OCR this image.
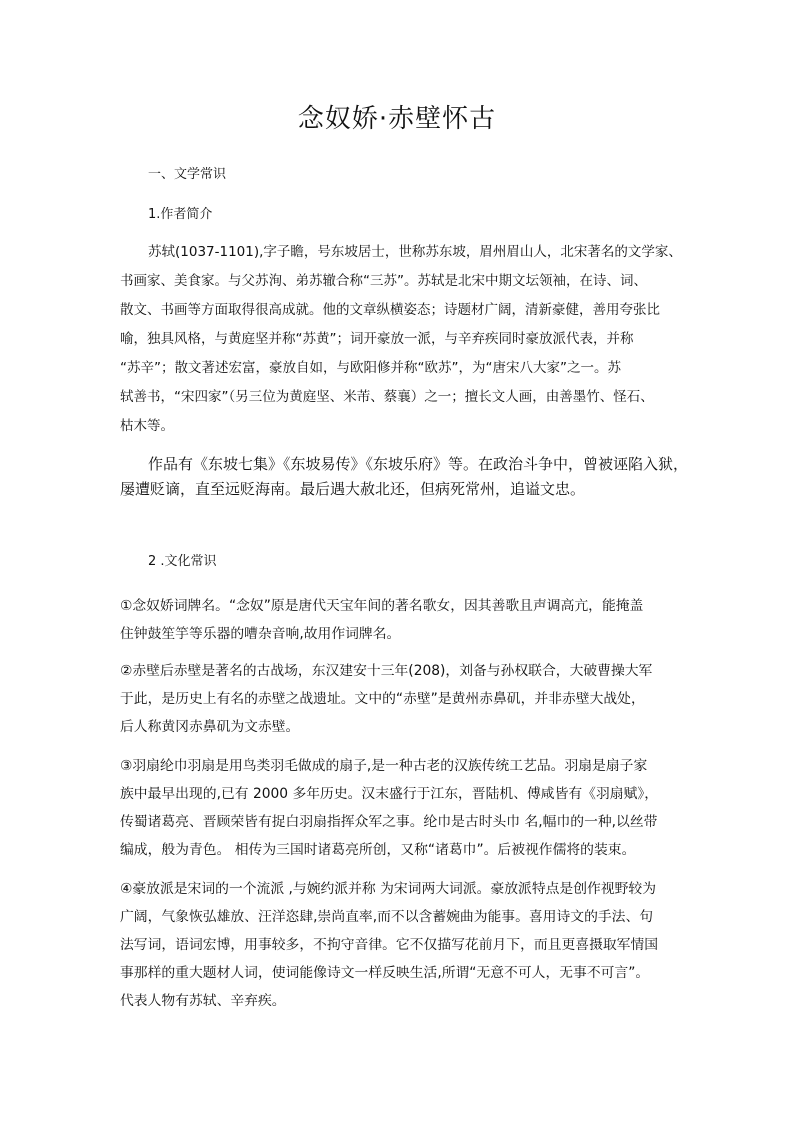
念奴娇·赤壁怀古
一、文学常识
1.作者简介
苏轼(1037-1101),字子瞻，号东坡居士，世称苏东坡，眉州眉山人，北宋著名的文学家、
书画家、美食家。与父苏洵、弟苏辙合称“三苏”。苏轼是北宋中期文坛领袖，在诗、词、
散文、书画等方面取得很高成就。他的文章纵横姿态；诗题材广阔，清新豪健，善用夸张比
喻，独具风格，与黄庭坚并称“苏黄”；词开豪放一派，与辛弃疾同时豪放派代表，并称
“苏辛”；散文著述宏富，豪放自如，与欧阳修并称“欧苏”，为“唐宋八大家”之一。苏
轼善书，“宋四家”（另三位为黄庭坚、米芾、蔡襄）之一；擅长文人画，由善墨竹、怪石、
枯木等。
作品有《东坡七集》《东坡易传》《东坡乐府》等。在政治斗争中，曾被诬陷入狱，
屡遭贬谪，直至远贬海南。最后遇大赦北还，但病死常州，追谥文忠。
2 .文化常识
①念奴娇词牌名。“念奴”原是唐代天宝年间的著名歌女，因其善歌且声调高亢，能掩盖
住钟鼓笙竽等乐器的嘈杂音响,故用作词牌名。
②赤壁后赤壁是著名的古战场，东汉建安十三年(208)，刘备与孙权联合，大破曹操大军
于此，是历史上有名的赤壁之战遗址。文中的“赤壁”是黄州赤鼻矶，并非赤壁大战处，
后人称黄冈赤鼻矶为文赤壁。
③羽扇纶巾羽扇是用鸟类羽毛做成的扇子,是一种古老的汉族传统工艺品。羽扇是扇子家
族中最早出现的,已有 2000 多年历史。汉末盛行于江东，晋陆机、傅咸皆有《羽扇赋》，
传蜀诸葛亮、晋顾荣皆有捉白羽扇指挥众军之事。纶巾是古时头巾 名,幅巾的一种,以丝带
编成，般为青色。 相传为三国时诸葛亮所创，又称“诸葛巾”。后被视作儒将的装束。
④豪放派是宋词的一个流派 ,与婉约派并称 为宋词两大词派。豪放派特点是创作视野较为
广阔，气象恢弘雄放、汪洋恣肆,崇尚直率,而不以含蓄婉曲为能事。喜用诗文的手法、句
法写词，语词宏博，用事较多，不拘守音律。它不仅描写花前月下，而且更喜摄取军情国
事那样的重大题材人词，使词能像诗文一样反映生活,所谓“无意不可人，无事不可言”。
代表人物有苏轼、辛弃疾。
